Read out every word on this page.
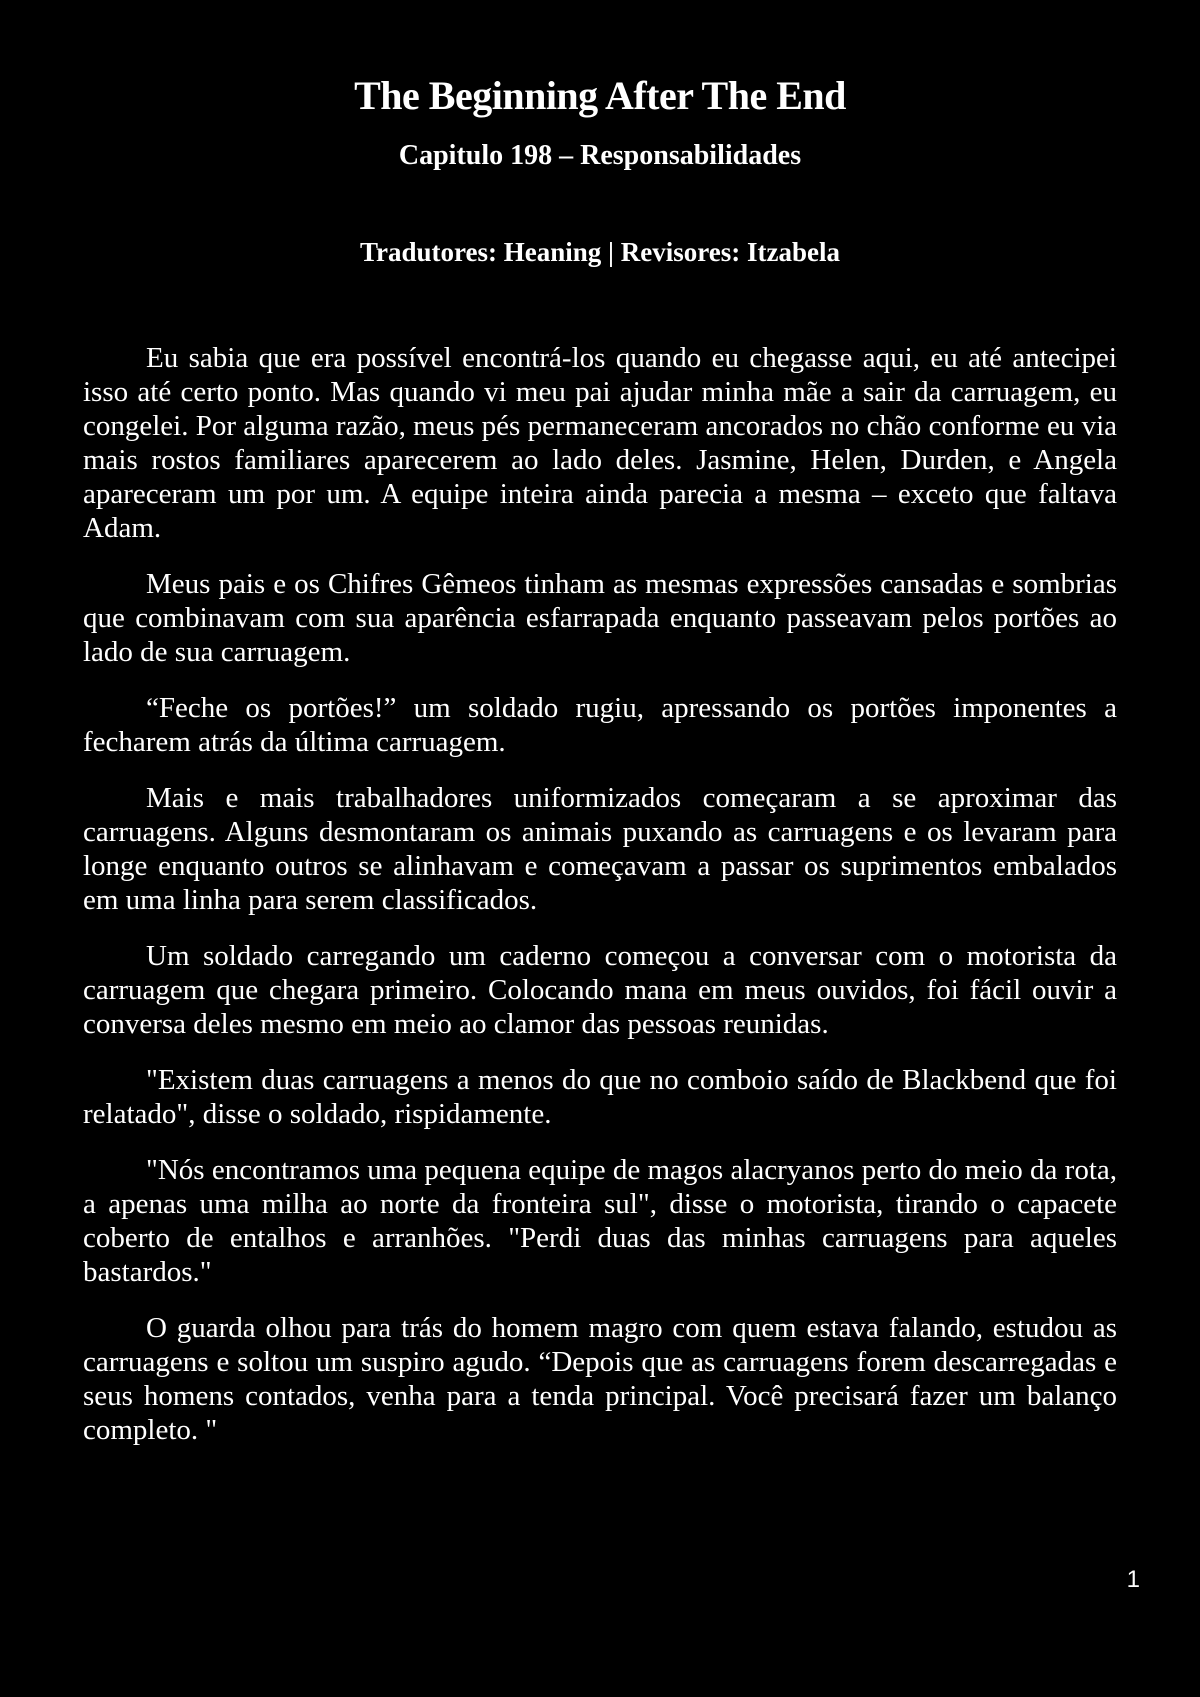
The Beginning After The End
Capitulo 198 – Responsabilidades

Tradutores: Heaning | Revisores: Itzabela

Eu sabia que era possível encontrá-los quando eu chegasse aqui, eu até antecipei isso até certo ponto. Mas quando vi meu pai ajudar minha mãe a sair da carruagem, eu congelei. Por alguma razão, meus pés permaneceram ancorados no chão conforme eu via mais rostos familiares aparecerem ao lado deles. Jasmine, Helen, Durden, e Angela apareceram um por um. A equipe inteira ainda parecia a mesma – exceto que faltava Adam.

Meus pais e os Chifres Gêmeos tinham as mesmas expressões cansadas e sombrias que combinavam com sua aparência esfarrapada enquanto passeavam pelos portões ao lado de sua carruagem.

“Feche os portões!” um soldado rugiu, apressando os portões imponentes a fecharem atrás da última carruagem.

Mais e mais trabalhadores uniformizados começaram a se aproximar das carruagens. Alguns desmontaram os animais puxando as carruagens e os levaram para longe enquanto outros se alinhavam e começavam a passar os suprimentos embalados em uma linha para serem classificados.

Um soldado carregando um caderno começou a conversar com o motorista da carruagem que chegara primeiro. Colocando mana em meus ouvidos, foi fácil ouvir a conversa deles mesmo em meio ao clamor das pessoas reunidas.

"Existem duas carruagens a menos do que no comboio saído de Blackbend que foi relatado", disse o soldado, rispidamente.

"Nós encontramos uma pequena equipe de magos alacryanos perto do meio da rota, a apenas uma milha ao norte da fronteira sul", disse o motorista, tirando o capacete coberto de entalhos e arranhões. "Perdi duas das minhas carruagens para aqueles bastardos."

O guarda olhou para trás do homem magro com quem estava falando, estudou as carruagens e soltou um suspiro agudo. “Depois que as carruagens forem descarregadas e seus homens contados, venha para a tenda principal. Você precisará fazer um balanço completo. "

1
